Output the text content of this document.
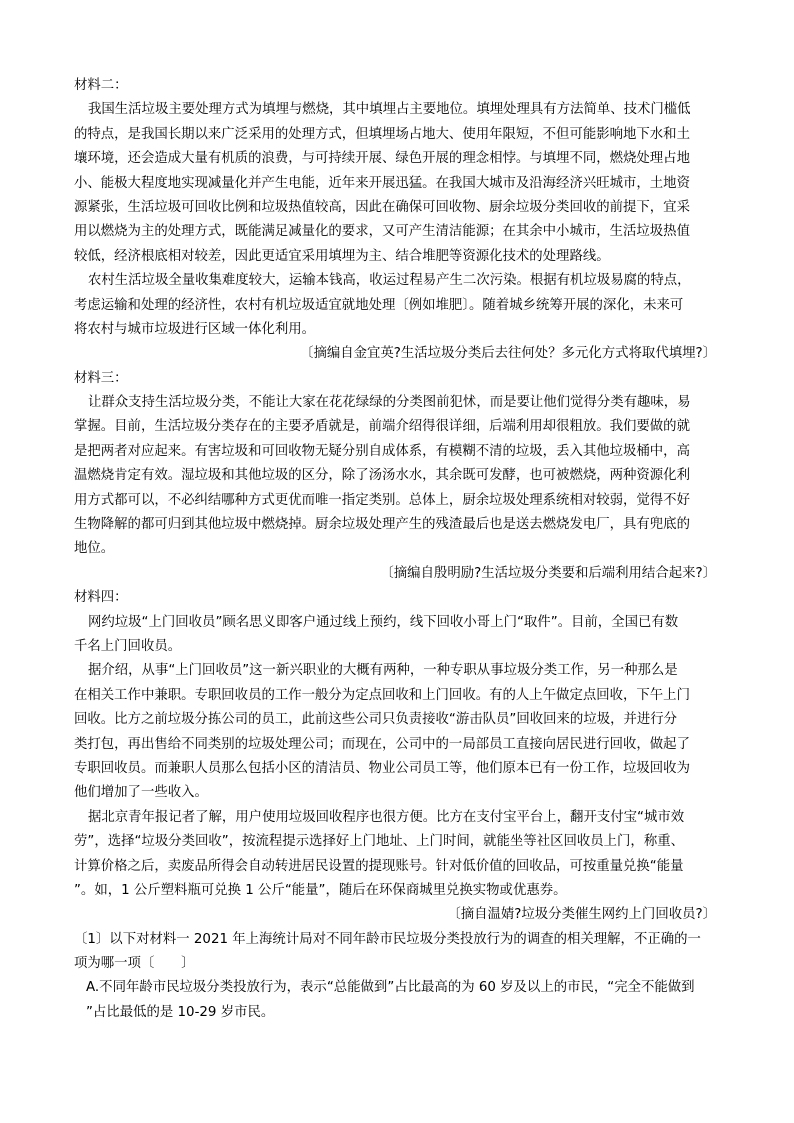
材料二：
我国生活垃圾主要处理方式为填埋与燃烧，其中填埋占主要地位。填埋处理具有方法简单、技术门槛低
的特点，是我国长期以来广泛采用的处理方式，但填埋场占地大、使用年限短，不但可能影响地下水和土
壤环境，还会造成大量有机质的浪费，与可持续开展、绿色开展的理念相悖。与填埋不同，燃烧处理占地
小、能极大程度地实现减量化并产生电能，近年来开展迅猛。在我国大城市及沿海经济兴旺城市，土地资
源紧张，生活垃圾可回收比例和垃圾热值较高，因此在确保可回收物、厨余垃圾分类回收的前提下，宜采
用以燃烧为主的处理方式，既能满足减量化的要求，又可产生清洁能源；在其余中小城市，生活垃圾热值
较低，经济根底相对较差，因此更适宜采用填埋为主、结合堆肥等资源化技术的处理路线。
农村生活垃圾全量收集难度较大，运输本钱高，收运过程易产生二次污染。根据有机垃圾易腐的特点，
考虑运输和处理的经济性，农村有机垃圾适宜就地处理〔例如堆肥〕。随着城乡统筹开展的深化，未来可
将农村与城市垃圾进行区域一体化利用。
〔摘编自金宜英?生活垃圾分类后去往何处？多元化方式将取代填埋?〕
材料三：
让群众支持生活垃圾分类，不能让大家在花花绿绿的分类图前犯怵，而是要让他们觉得分类有趣味，易
掌握。目前，生活垃圾分类存在的主要矛盾就是，前端介绍得很详细，后端利用却很粗放。我们要做的就
是把两者对应起来。有害垃圾和可回收物无疑分别自成体系，有模糊不清的垃圾，丢入其他垃圾桶中，高
温燃烧肯定有效。湿垃圾和其他垃圾的区分，除了汤汤水水，其余既可发酵，也可被燃烧，两种资源化利
用方式都可以，不必纠结哪种方式更优而唯一指定类别。总体上，厨余垃圾处理系统相对较弱，觉得不好
生物降解的都可归到其他垃圾中燃烧掉。厨余垃圾处理产生的残渣最后也是送去燃烧发电厂，具有兜底的
地位。
〔摘编自殷明励?生活垃圾分类要和后端利用结合起来?〕
材料四：
网约垃圾“上门回收员”顾名思义即客户通过线上预约，线下回收小哥上门“取件”。目前，全国已有数
千名上门回收员。
据介绍，从事“上门回收员”这一新兴职业的大概有两种，一种专职从事垃圾分类工作，另一种那么是
在相关工作中兼职。专职回收员的工作一般分为定点回收和上门回收。有的人上午做定点回收，下午上门
回收。比方之前垃圾分拣公司的员工，此前这些公司只负责接收“游击队员”回收回来的垃圾，并进行分
类打包，再出售给不同类别的垃圾处理公司；而现在，公司中的一局部员工直接向居民进行回收，做起了
专职回收员。而兼职人员那么包括小区的清洁员、物业公司员工等，他们原本已有一份工作，垃圾回收为
他们增加了一些收入。
据北京青年报记者了解，用户使用垃圾回收程序也很方便。比方在支付宝平台上，翻开支付宝“城市效
劳”，选择“垃圾分类回收”，按流程提示选择好上门地址、上门时间，就能坐等社区回收员上门，称重、
计算价格之后，卖废品所得会自动转进居民设置的提现账号。针对低价值的回收品，可按重量兑换“能量
”。如，1 公斤塑料瓶可兑换 1 公斤“能量”，随后在环保商城里兑换实物或优惠券。
〔摘自温婧?垃圾分类催生网约上门回收员?〕
〔1〕以下对材料一 2021 年上海统计局对不同年龄市民垃圾分类投放行为的调查的相关理解，不正确的一
项为哪一项〔　　〕
A.不同年龄市民垃圾分类投放行为，表示“总能做到”占比最高的为 60 岁及以上的市民，“完全不能做到
”占比最低的是 10-29 岁市民。
